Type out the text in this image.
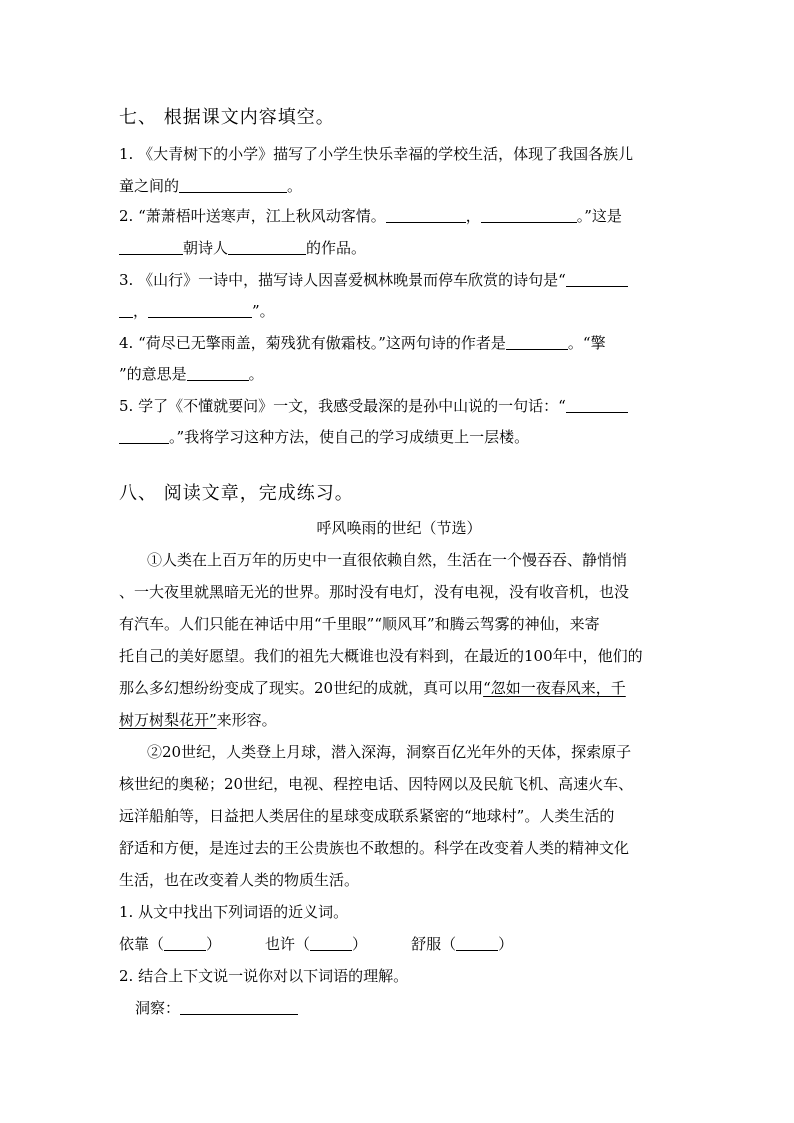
七、 根据课文内容填空。
1. 《大青树下的小学》描写了小学生快乐幸福的学校生活，体现了我国各族儿
童之间的	。
2. “萧萧梧叶送寒声，江上秋风动客情。	，	。”这是
朝诗人	的作品。
3. 《山行》一诗中，描写诗人因喜爱枫林晚景而停车欣赏的诗句是“
，	”。
4. “荷尽已无擎雨盖，菊残犹有傲霜枝。”这两句诗的作者是	。“擎
”的意思是	。
5. 学了《不懂就要问》一文，我感受最深的是孙中山说的一句话：“
。”我将学习这种方法，使自己的学习成绩更上一层楼。
八、 阅读文章，完成练习。
呼风唤雨的世纪（节选）
①人类在上百万年的历史中一直很依赖自然，生活在一个慢吞吞、静悄悄
、一大夜里就黑暗无光的世界。那时没有电灯，没有电视，没有收音机，也没
有汽车。人们只能在神话中用“千里眼”“顺风耳”和腾云驾雾的神仙，来寄
托自己的美好愿望。我们的祖先大概谁也没有料到，在最近的100年中，他们的
那么多幻想纷纷变成了现实。20世纪的成就，真可以用“忽如一夜春风来，千
树万树梨花开”来形容。
②20世纪，人类登上月球，潜入深海，洞察百亿光年外的天体，探索原子
核世纪的奥秘；20世纪，电视、程控电话、因特网以及民航飞机、高速火车、
远洋船舶等，日益把人类居住的星球变成联系紧密的“地球村”。人类生活的
舒适和方便，是连过去的王公贵族也不敢想的。科学在改变着人类的精神文化
生活，也在改变着人类的物质生活。
1. 从文中找出下列词语的近义词。
依靠（	）	也许（	）	舒服（	）
2. 结合上下文说一说你对以下词语的理解。
洞察：
